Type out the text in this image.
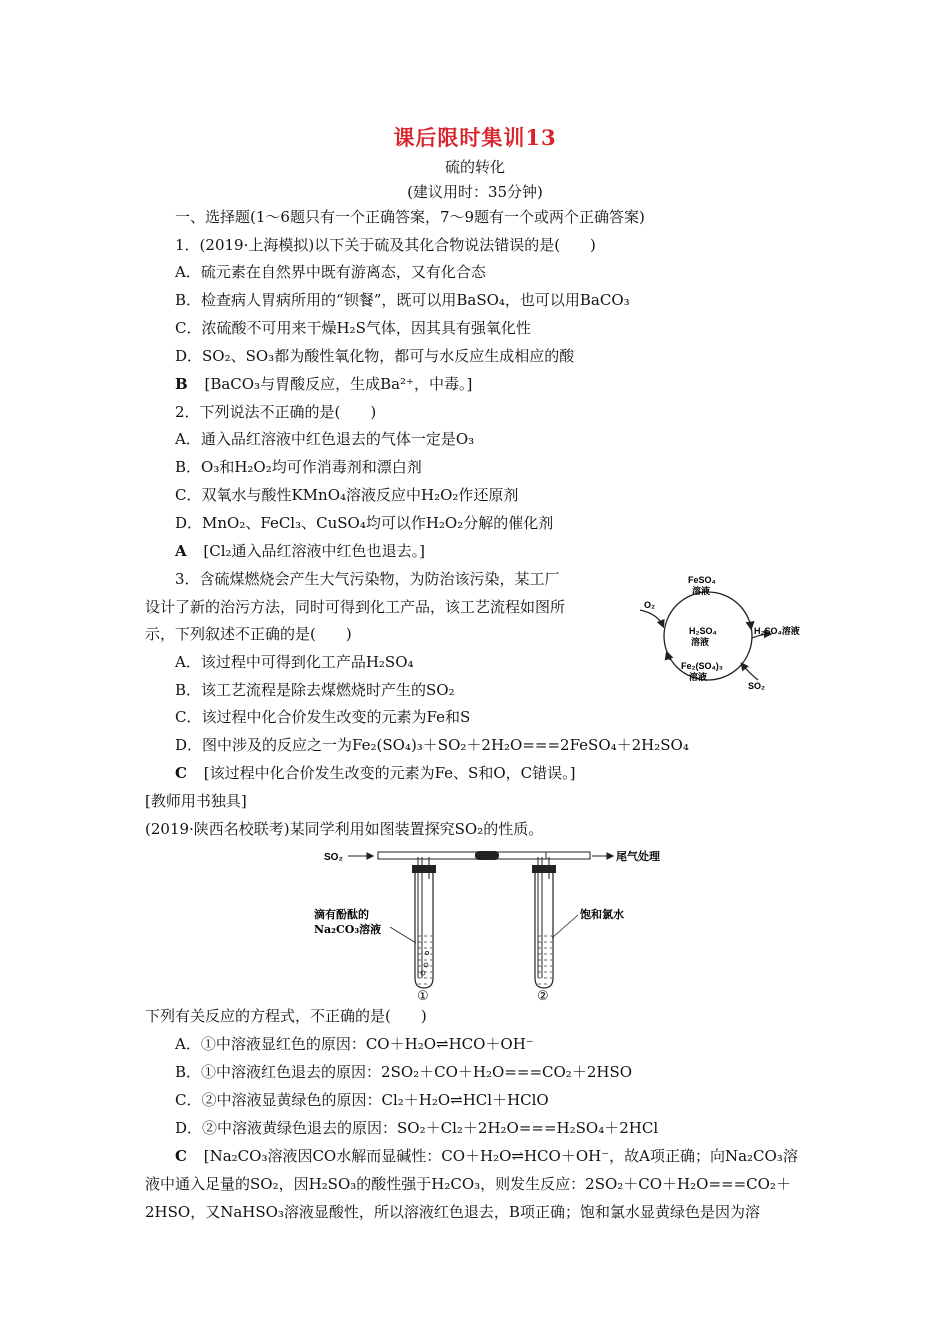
课后限时集训13
硫的转化
(建议用时：35分钟)
一、选择题(1～6题只有一个正确答案，7～9题有一个或两个正确答案)
1．(2019·上海模拟)以下关于硫及其化合物说法错误的是(　　)
A．硫元素在自然界中既有游离态，又有化合态
B．检查病人胃病所用的“钡餐”，既可以用BaSO₄，也可以用BaCO₃
C．浓硫酸不可用来干燥H₂S气体，因其具有强氧化性
D．SO₂、SO₃都为酸性氧化物，都可与水反应生成相应的酸
B [BaCO₃与胃酸反应，生成Ba²⁺，中毒。]
2．下列说法不正确的是(　　)
A．通入品红溶液中红色退去的气体一定是O₃
B．O₃和H₂O₂均可作消毒剂和漂白剂
C．双氧水与酸性KMnO₄溶液反应中H₂O₂作还原剂
D．MnO₂、FeCl₃、CuSO₄均可以作H₂O₂分解的催化剂
A [Cl₂通入品红溶液中红色也退去。]
3．含硫煤燃烧会产生大气污染物，为防治该污染，某工厂
设计了新的治污方法，同时可得到化工产品，该工艺流程如图所
示，下列叙述不正确的是(　　)
A．该过程中可得到化工产品H₂SO₄
B．该工艺流程是除去煤燃烧时产生的SO₂
C．该过程中化合价发生改变的元素为Fe和S
D．图中涉及的反应之一为Fe₂(SO₄)₃＋SO₂＋2H₂O===2FeSO₄＋2H₂SO₄
C [该过程中化合价发生改变的元素为Fe、S和O，C错误。]
FeSO₄
溶液
O₂
H₂SO₄
溶液
H₂SO₄溶液
Fe₂(SO₄)₃
溶液
SO₂
[教师用书独具]
(2019·陕西名校联考)某同学利用如图装置探究SO₂的性质。
SO₂	尾气处理
滴有酚酞的
Na₂CO₃溶液
饱和氯水
①	②
下列有关反应的方程式，不正确的是(　　)
A．①中溶液显红色的原因：CO＋H₂O⇌HCO＋OH⁻
B．①中溶液红色退去的原因：2SO₂＋CO＋H₂O===CO₂＋2HSO
C．②中溶液显黄绿色的原因：Cl₂＋H₂O⇌HCl＋HClO
D．②中溶液黄绿色退去的原因：SO₂＋Cl₂＋2H₂O===H₂SO₄＋2HCl
C [Na₂CO₃溶液因CO水解而显碱性：CO＋H₂O⇌HCO＋OH⁻，故A项正确；向Na₂CO₃溶
液中通入足量的SO₂，因H₂SO₃的酸性强于H₂CO₃，则发生反应：2SO₂＋CO＋H₂O===CO₂＋
2HSO，又NaHSO₃溶液显酸性，所以溶液红色退去，B项正确；饱和氯水显黄绿色是因为溶
